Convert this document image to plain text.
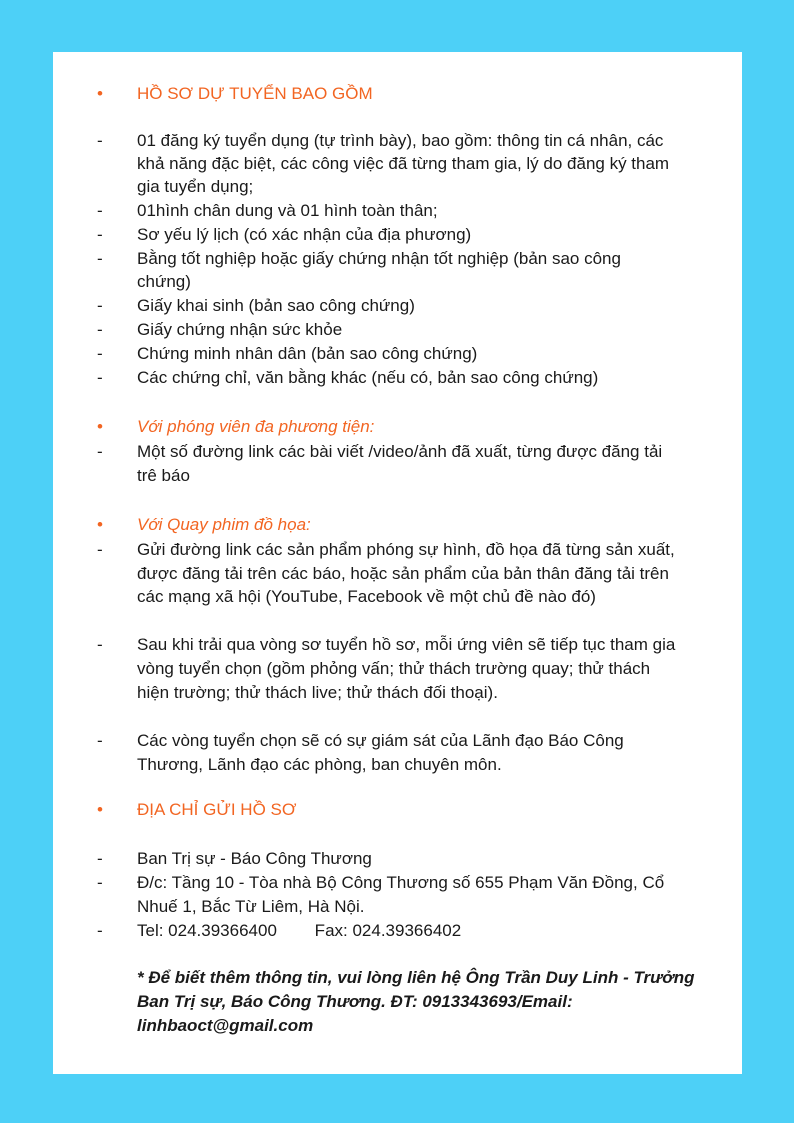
•	HỒ SƠ DỰ TUYỂN BAO GỒM
-	01 đăng ký tuyển dụng (tự trình bày), bao gồm: thông tin cá nhân, các
khả năng đặc biệt, các công việc đã từng tham gia, lý do đăng ký tham
gia tuyển dụng;
-	01hình chân dung và 01 hình toàn thân;
-	Sơ yếu lý lịch (có xác nhận của địa phương)
-	Bằng tốt nghiệp hoặc giấy chứng nhận tốt nghiệp (bản sao công
chứng)
-	Giấy khai sinh (bản sao công chứng)
-	Giấy chứng nhận sức khỏe
-	Chứng minh nhân dân (bản sao công chứng)
-	Các chứng chỉ, văn bằng khác (nếu có, bản sao công chứng)
•	Với phóng viên đa phương tiện:
-	Một số đường link các bài viết /video/ảnh đã xuất, từng được đăng tải
trê báo
•	Với Quay phim đồ họa:
-	Gửi đường link các sản phẩm phóng sự hình, đồ họa đã từng sản xuất,
được đăng tải trên các báo, hoặc sản phẩm của bản thân đăng tải trên
các mạng xã hội (YouTube, Facebook về một chủ đề nào đó)
-	Sau khi trải qua vòng sơ tuyển hồ sơ, mỗi ứng viên sẽ tiếp tục tham gia
vòng tuyển chọn (gồm phỏng vấn; thử thách trường quay; thử thách
hiện trường; thử thách live; thử thách đối thoại).
-	Các vòng tuyển chọn sẽ có sự giám sát của Lãnh đạo Báo Công
Thương, Lãnh đạo các phòng, ban chuyên môn.
•	ĐỊA CHỈ GỬI HỒ SƠ
-	Ban Trị sự - Báo Công Thương
-	Đ/c: Tầng 10 - Tòa nhà Bộ Công Thương số 655 Phạm Văn Đồng, Cổ
Nhuế 1, Bắc Từ Liêm, Hà Nội.
-	Tel: 024.39366400        Fax: 024.39366402
* Để biết thêm thông tin, vui lòng liên hệ Ông Trần Duy Linh - Trưởng
Ban Trị sự, Báo Công Thương. ĐT: 0913343693/Email:
linhbaoct@gmail.com
